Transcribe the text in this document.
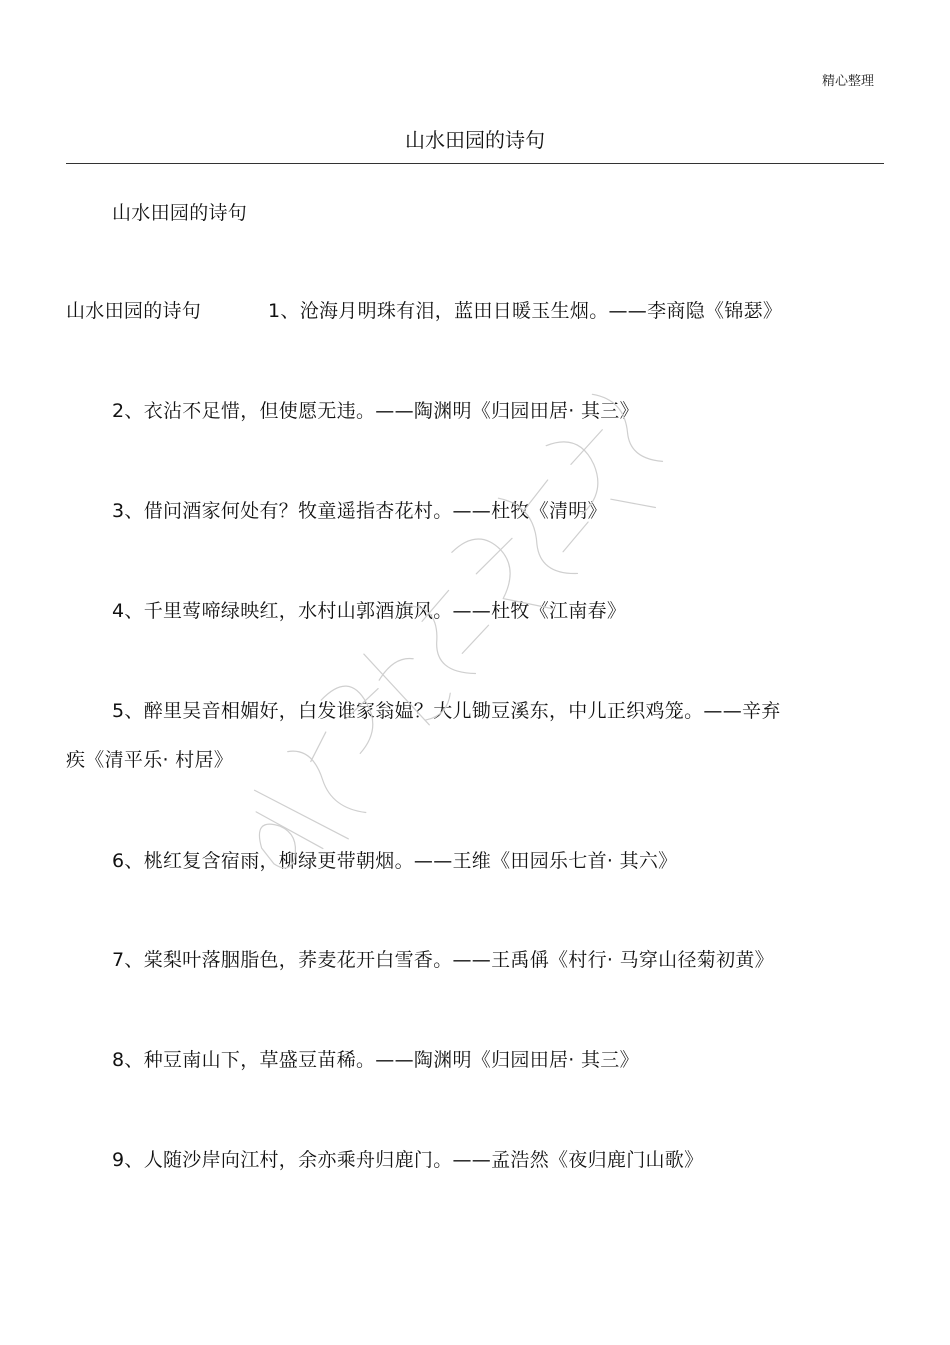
精心整理
山水田园的诗句
山水田园的诗句
山水田园的诗句	1、沧海月明珠有泪，蓝田日暖玉生烟。——李商隐《锦瑟》
2、衣沾不足惜，但使愿无违。——陶渊明《归园田居· 其三》
3、借问酒家何处有？牧童遥指杏花村。——杜牧《清明》
4、千里莺啼绿映红，水村山郭酒旗风。——杜牧《江南春》
5、醉里吴音相媚好，白发谁家翁媪？大儿锄豆溪东，中儿正织鸡笼。——辛弃
疾《清平乐· 村居》
6、桃红复含宿雨，柳绿更带朝烟。——王维《田园乐七首· 其六》
7、棠梨叶落胭脂色，荞麦花开白雪香。——王禹偁《村行· 马穿山径菊初黄》
8、种豆南山下，草盛豆苗稀。——陶渊明《归园田居· 其三》
9、人随沙岸向江村，余亦乘舟归鹿门。——孟浩然《夜归鹿门山歌》
